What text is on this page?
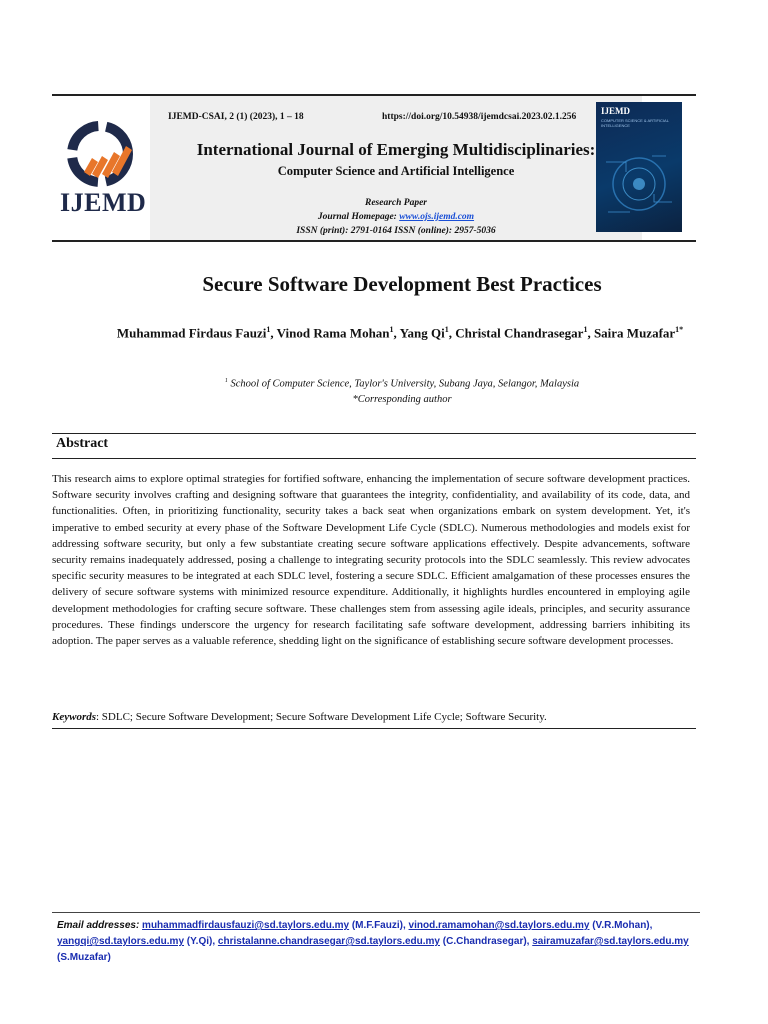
IJEMD
IJEMD-CSAI, 2 (1) (2023), 1 – 18	https://doi.org/10.54938/ijemdcsai.2023.02.1.256
International Journal of Emerging Multidisciplinaries:
Computer Science and Artificial Intelligence
Research Paper
Journal Homepage: www.ojs.ijemd.com
ISSN (print): 2791-0164 ISSN (online): 2957-5036
IJEMD
COMPUTER SCIENCE & ARTIFICIAL INTELLIGENCE
Secure Software Development Best Practices
Muhammad Firdaus Fauzi$^1$, Vinod Rama Mohan$^1$, Yang Qi$^1$, Christal Chandrasegar$^1$, Saira Muzafar$^{1*}$
$^1$ School of Computer Science, Taylor's University, Subang Jaya, Selangor, Malaysia
*Corresponding author
Abstract
This research aims to explore optimal strategies for fortified software, enhancing the implementation of secure software development practices. Software security involves crafting and designing software that guarantees the integrity, confidentiality, and availability of its code, data, and functionalities. Often, in prioritizing functionality, security takes a back seat when organizations embark on system development. Yet, it's imperative to embed security at every phase of the Software Development Life Cycle (SDLC). Numerous methodologies and models exist for addressing software security, but only a few substantiate creating secure software applications effectively. Despite advancements, software security remains inadequately addressed, posing a challenge to integrating security protocols into the SDLC seamlessly. This review advocates specific security measures to be integrated at each SDLC level, fostering a secure SDLC. Efficient amalgamation of these processes ensures the delivery of secure software systems with minimized resource expenditure. Additionally, it highlights hurdles encountered in employing agile development methodologies for crafting secure software. These challenges stem from assessing agile ideals, principles, and security assurance procedures. These findings underscore the urgency for research facilitating safe software development, addressing barriers inhibiting its adoption. The paper serves as a valuable reference, shedding light on the significance of establishing secure software development processes.
Keywords: SDLC; Secure Software Development; Secure Software Development Life Cycle; Software Security.
Email addresses: muhammadfirdausfauzi@sd.taylors.edu.my (M.F.Fauzi), vinod.ramamohan@sd.taylors.edu.my (V.R.Mohan), yangqi@sd.taylors.edu.my (Y.Qi), christalanne.chandrasegar@sd.taylors.edu.my (C.Chandrasegar), sairamuzafar@sd.taylors.edu.my (S.Muzafar)
